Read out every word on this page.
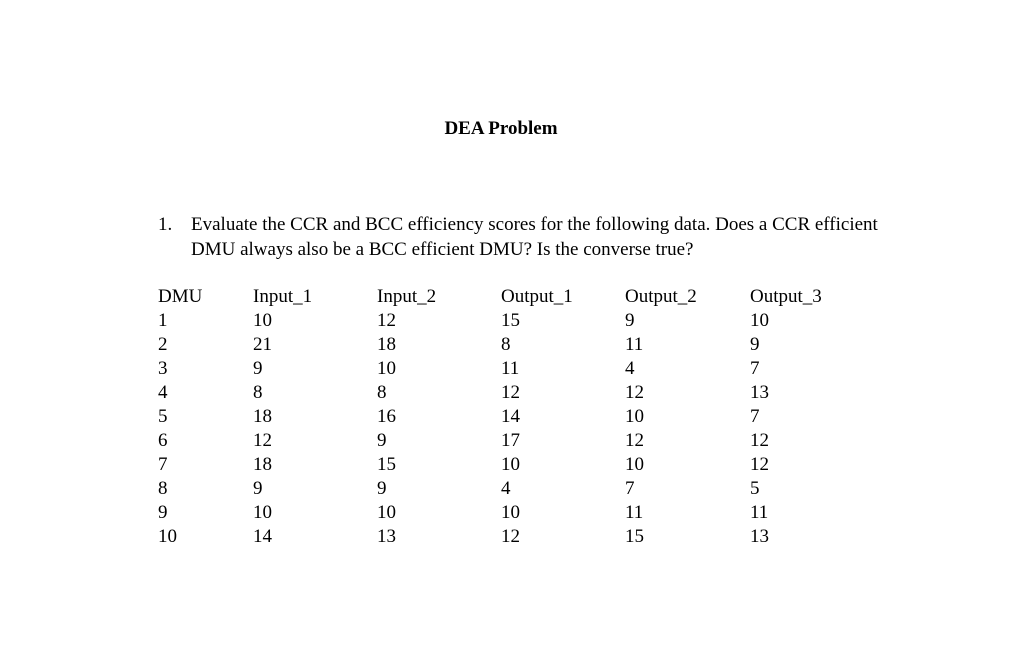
DEA Problem
1. Evaluate the CCR and BCC efficiency scores for the following data. Does a CCR efficient DMU always also be a BCC efficient DMU? Is the converse true?
DMU	Input_1	Input_2	Output_1	Output_2	Output_3
1	10	12	15	9	10
2	21	18	8	11	9
3	9	10	11	4	7
4	8	8	12	12	13
5	18	16	14	10	7
6	12	9	17	12	12
7	18	15	10	10	12
8	9	9	4	7	5
9	10	10	10	11	11
10	14	13	12	15	13
